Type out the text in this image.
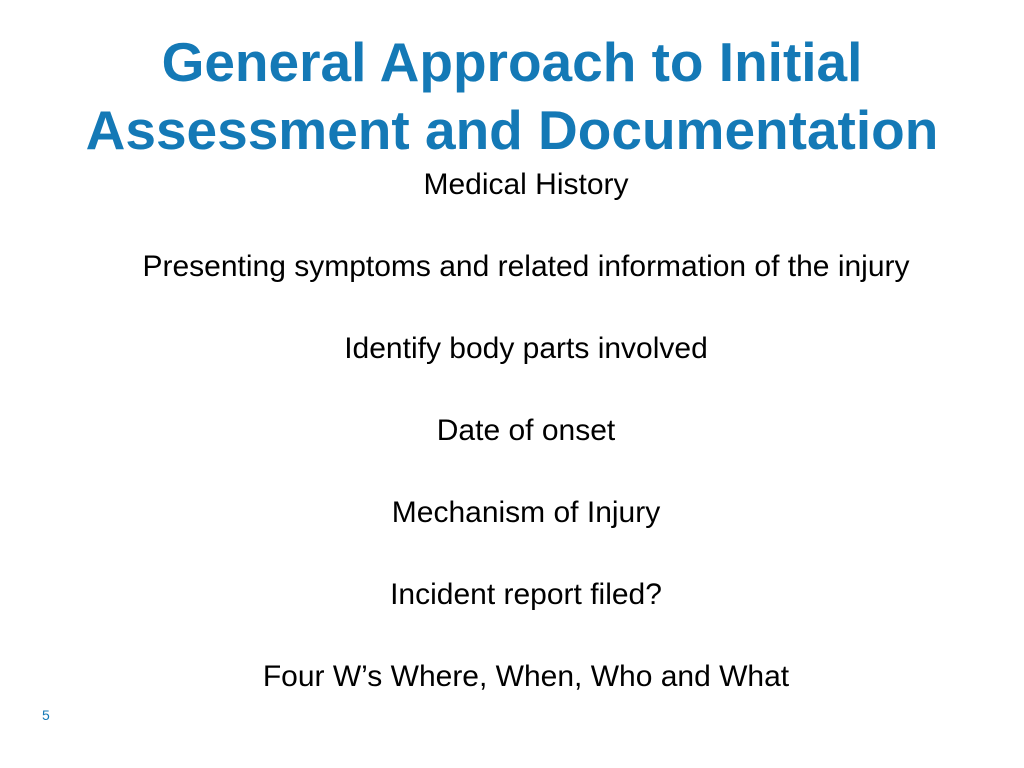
General Approach to Initial
Assessment and Documentation
Medical History
Presenting symptoms and related information of the injury
Identify body parts involved
Date of onset
Mechanism of Injury
Incident report filed?
Four W’s Where, When, Who and What
5
